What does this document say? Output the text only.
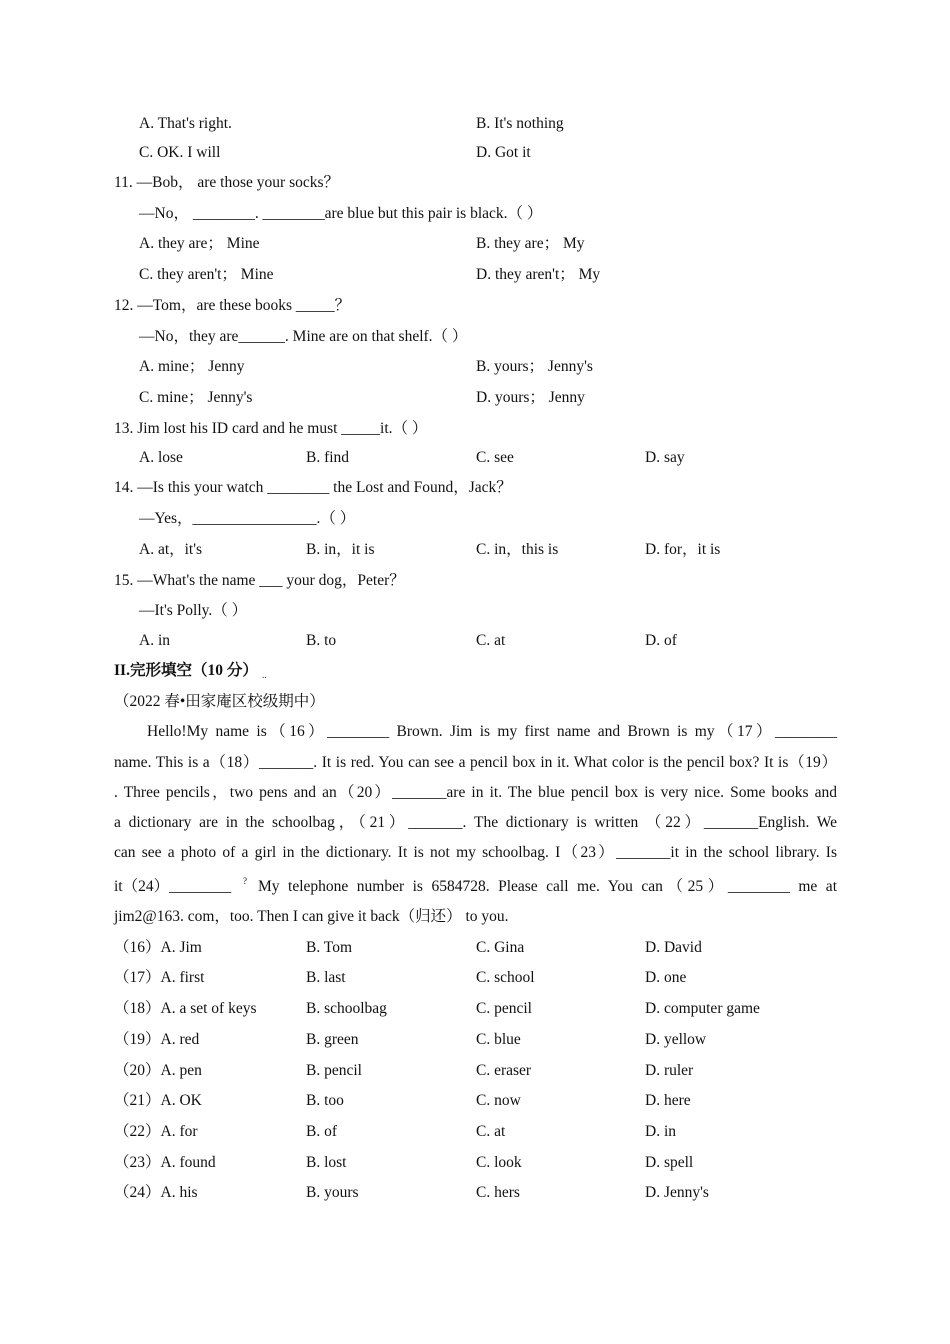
A. That's right.	B. It's nothing
C. OK. I will	D. Got it
11. —Bob， are those your socks？
—No， ________. ________are blue but this pair is black.（ ）
A. they are； Mine	B. they are； My
C. they aren't； Mine	D. they aren't； My
12. —Tom，are these books _____？
—No，they are______. Mine are on that shelf.（ ）
A. mine； Jenny	B. yours； Jenny's
C. mine； Jenny's	D. yours； Jenny
13. Jim lost his ID card and he must _____it.（ ）
A. lose	B. find	C. see	D. say
14. —Is this your watch ________ the Lost and Found，Jack？
—Yes，________________.（ ）
A. at，it's	B. in，it is	C. in，this is	D. for，it is
15. —What's the name ___ your dog，Peter？
—It's Polly.（ ）
A. in	B. to	C. at	D. of
II.完形填空（10 分） ..
（2022 春•田家庵区校级期中）
Hello!My name is（16）________ Brown. Jim is my first name and Brown is my（17）________
name. This is a（18）_______. It is red. You can see a pencil box in it. What color is the pencil box? It is（19）
. Three pencils，two pens and an（20）_______are in it. The blue pencil box is very nice. Some books and
a dictionary are in the schoolbag，（21）_______. The dictionary is written （22）_______English. We
can see a photo of a girl in the dictionary. It is not my schoolbag. I（23）_______it in the school library. Is
it（24）________ ? My telephone number is 6584728. Please call me. You can（25）________ me at
jim2@163. com，too. Then I can give it back（归还） to you.
（16）A. Jim	B. Tom	C. Gina	D. David
（17）A. first	B. last	C. school	D. one
（18）A. a set of keys	B. schoolbag	C. pencil	D. computer game
（19）A. red	B. green	C. blue	D. yellow
（20）A. pen	B. pencil	C. eraser	D. ruler
（21）A. OK	B. too	C. now	D. here
（22）A. for	B. of	C. at	D. in
（23）A. found	B. lost	C. look	D. spell
（24）A. his	B. yours	C. hers	D. Jenny's
